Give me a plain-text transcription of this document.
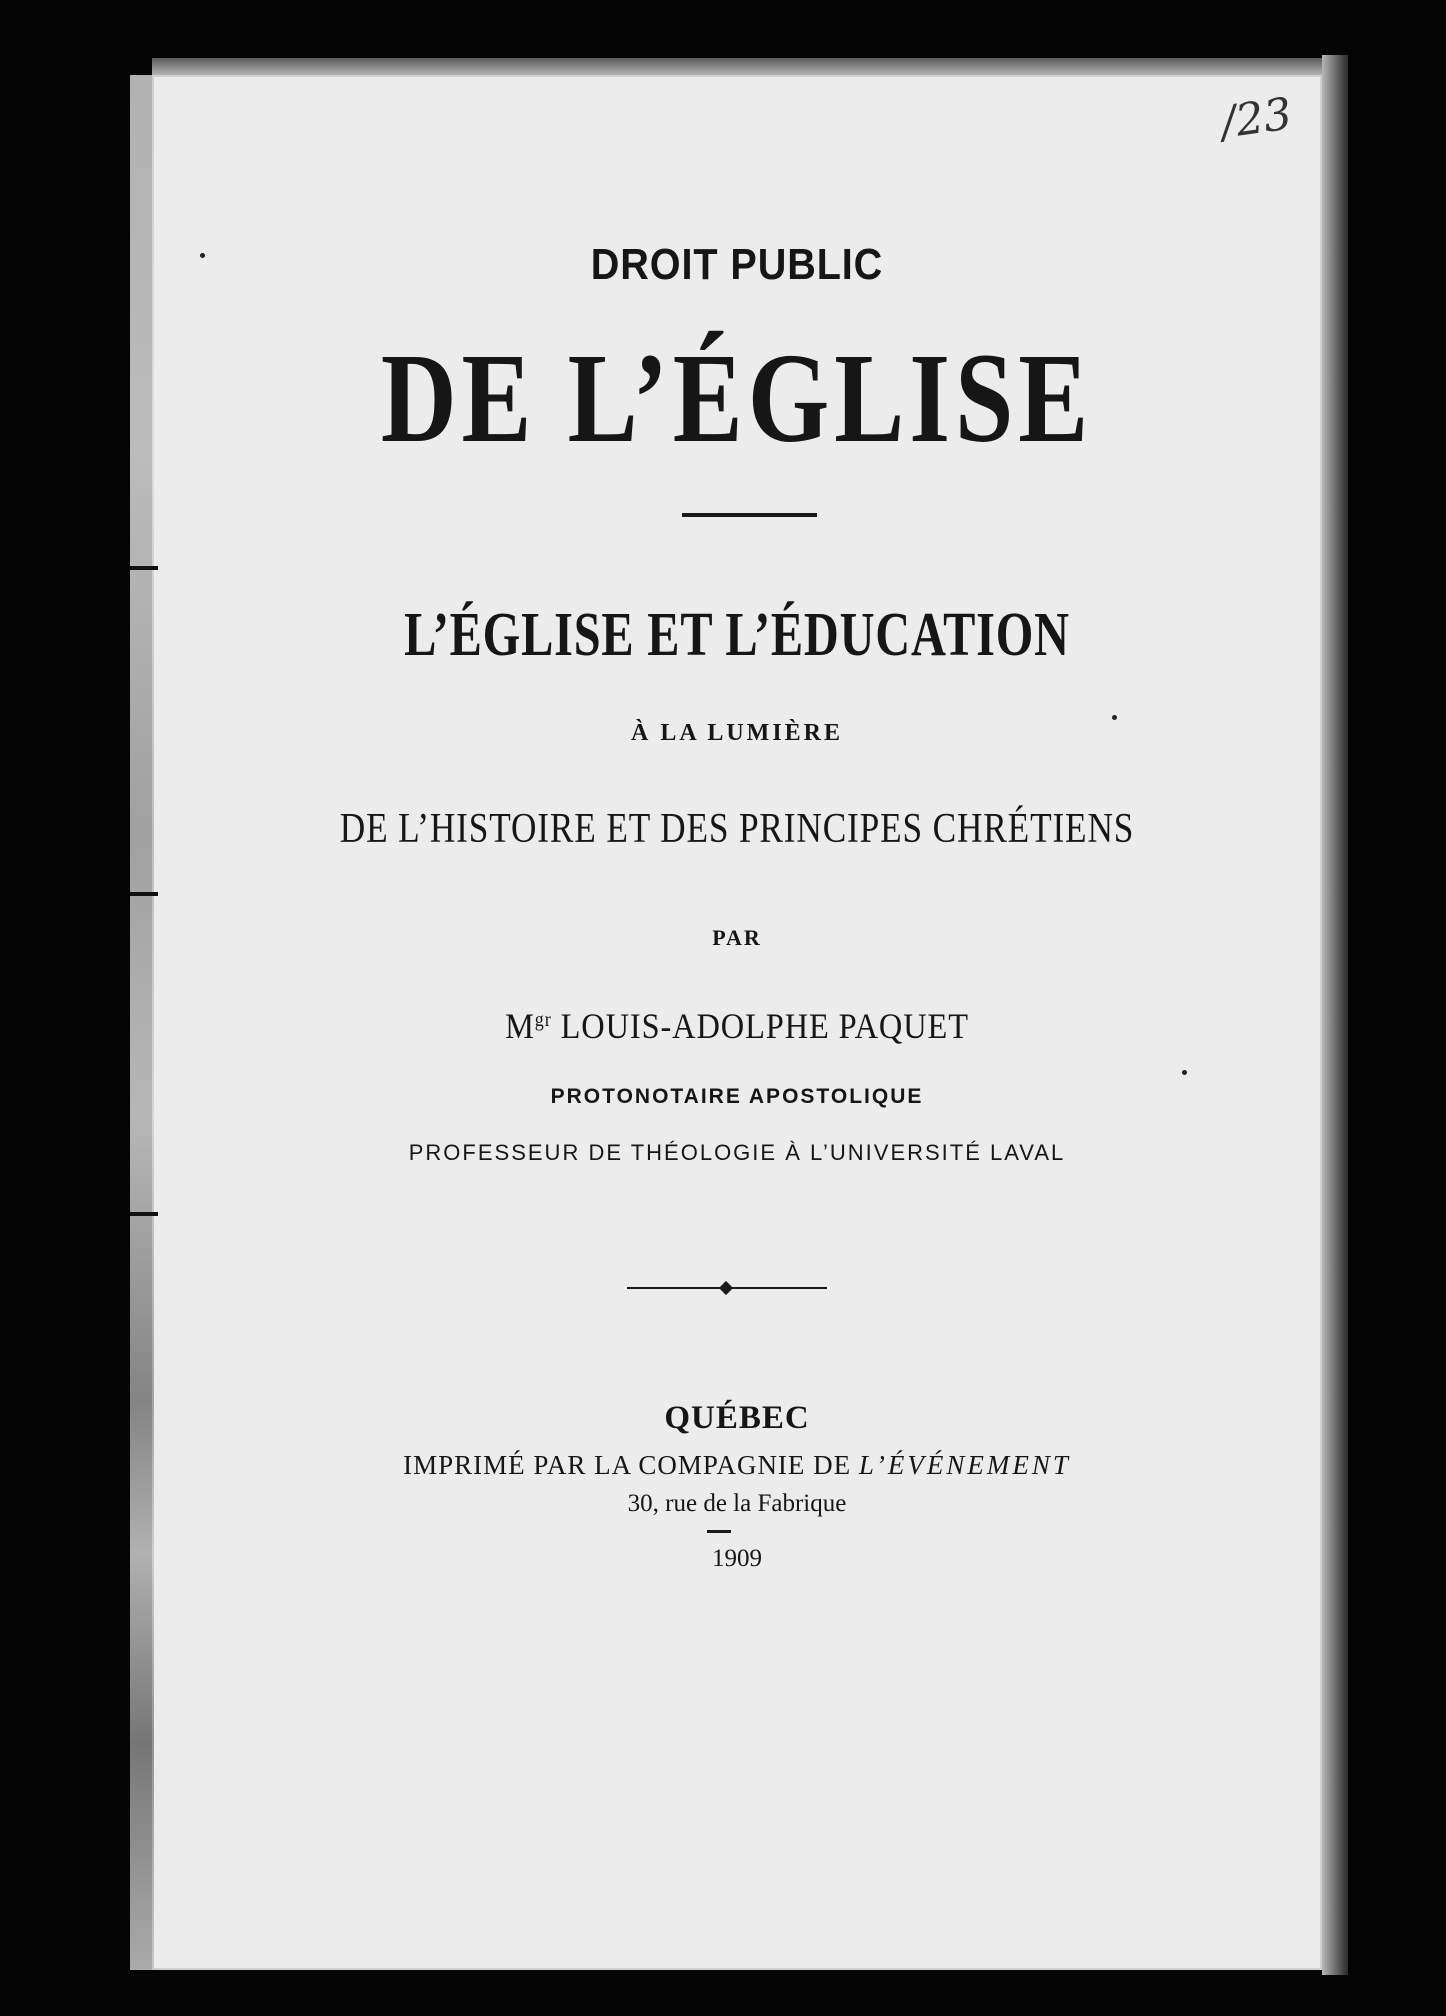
/23
DROIT PUBLIC
DE L’ÉGLISE
L’ÉGLISE ET L’ÉDUCATION
À LA LUMIÈRE
DE L’HISTOIRE ET DES PRINCIPES CHRÉTIENS
PAR
$M^{gr}$ LOUIS-ADOLPHE PAQUET
PROTONOTAIRE APOSTOLIQUE
PROFESSEUR DE THÉOLOGIE À L’UNIVERSITÉ LAVAL
QUÉBEC
IMPRIMÉ PAR LA COMPAGNIE DE L’ÉVÉNEMENT
30, rue de la Fabrique
1909
